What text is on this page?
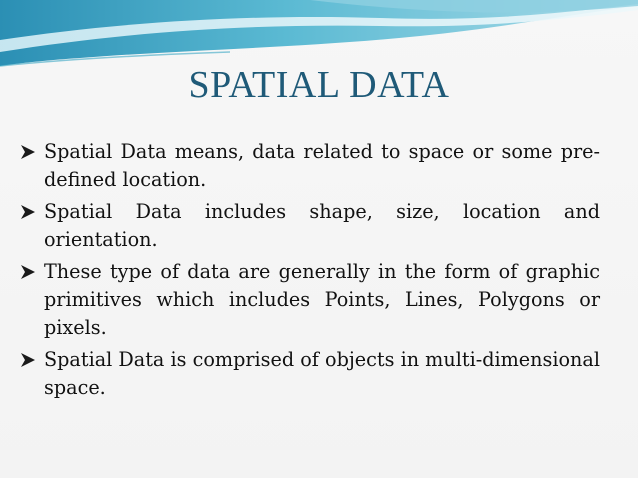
SPATIAL DATA
Spatial Data means, data related to space or some pre-defined location.
Spatial Data includes shape, size, location and orientation.
These type of data are generally in the form of graphic primitives which includes Points, Lines, Polygons or pixels.
Spatial Data is comprised of objects in multi-dimensional space.
